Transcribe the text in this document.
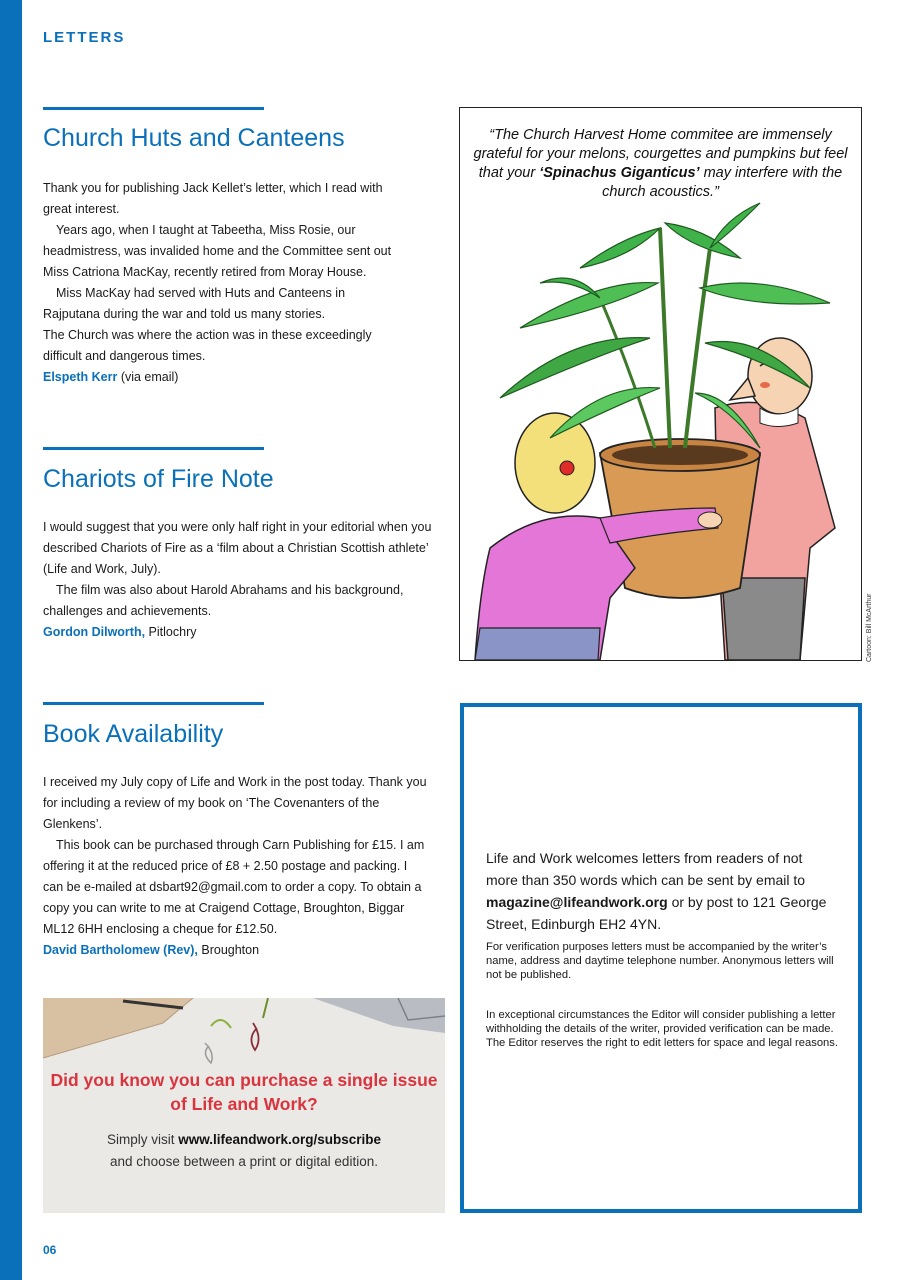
LETTERS
Church Huts and Canteens

Thank you for publishing Jack Kellet’s letter, which I read with great interest.

Years ago, when I taught at Tabeetha, Miss Rosie, our headmistress, was invalided home and the Committee sent out Miss Catriona MacKay, recently retired from Moray House.

Miss MacKay had served with Huts and Canteens in Rajputana during the war and told us many stories.

The Church was where the action was in these exceedingly difficult and dangerous times.

Elspeth Kerr (via email)

Chariots of Fire Note

I would suggest that you were only half right in your editorial when you described Chariots of Fire as a ‘film about a Christian Scottish athlete’ (Life and Work, July).

The film was also about Harold Abrahams and his background, challenges and achievements.

Gordon Dilworth, Pitlochry

Book Availability

I received my July copy of Life and Work in the post today. Thank you for including a review of my book on ‘The Covenanters of the Glenkens’.

This book can be purchased through Carn Publishing for £15. I am offering it at the reduced price of £8 + 2.50 postage and packing. I can be e-mailed at dsbart92@gmail.com to order a copy. To obtain a copy you can write to me at Craigend Cottage, Broughton, Biggar ML12 6HH enclosing a cheque for £12.50.

David Bartholomew (Rev), Broughton

“The Church Harvest Home commitee are immensely grateful for your melons, courgettes and pumpkins but feel that your ‘Spinachus Giganticus’ may interfere with the church acoustics.”
Cartoon: Bill McArthur
Did you know you can purchase a single issue of Life and Work?
Simply visit www.lifeandwork.org/subscribe
and choose between a print or digital edition.
Life and Work welcomes letters from readers of not more than 350 words which can be sent by email to magazine@lifeandwork.org or by post to 121 George Street, Edinburgh EH2 4YN.
For verification purposes letters must be accompanied by the writer’s name, address and daytime telephone number. Anonymous letters will not be published.
In exceptional circumstances the Editor will consider publishing a letter withholding the details of the writer, provided verification can be made. The Editor reserves the right to edit letters for space and legal reasons.
06
